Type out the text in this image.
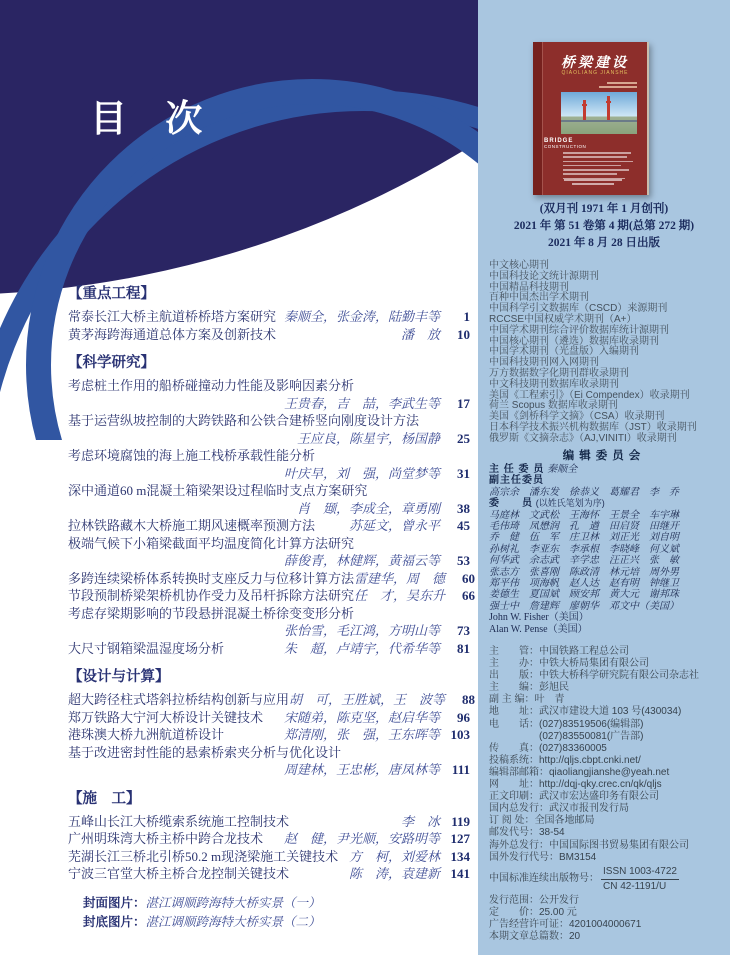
目 次
【重点工程】
常泰长江大桥主航道桥桥塔方案研究 秦顺全，张金涛，陆勤丰等	1
黄茅海跨海通道总体方案及创新技术	潘　放	10
【科学研究】
考虑桩土作用的船桥碰撞动力性能及影响因素分析
王贵春，吉　喆，李武生等	17
基于运营纵坡控制的大跨铁路和公铁合建桥竖向刚度设计方法
王应良，陈星宇，杨国静	25
考虑环境腐蚀的海上施工栈桥承载性能分析
叶庆早，刘　强，尚堂梦等	31
深中通道60 m混凝土箱梁架设过程临时支点方案研究
肖　颋，李成全，章勇刚	38
拉林铁路藏木大桥施工期风速概率预测方法	苏延文，曾永平	45
极端气候下小箱梁截面平均温度简化计算方法研究
薛俊青，林健辉，黄福云等	53
多跨连续梁桥体系转换时支座反力与位移计算方法 雷建华，周　德	60
节段预制桥梁架桥机协作受力及吊杆拆除方法研究 任　才，吴东升	66
考虑存梁期影响的节段悬拼混凝土桥徐变变形分析
张怡雪，毛江鸿，方明山等	73
大尺寸钢箱梁温湿度场分析	朱　超，卢靖宇，代希华等	81
【设计与计算】
超大跨径柱式塔斜拉桥结构创新与应用 胡　可，王胜斌，王　波等	88
郑万铁路大宁河大桥设计关键技术 宋随弟，陈克坚，赵启华等	96
港珠澳大桥九洲航道桥设计	郑清刚，张　强，王东晖等 103
基于改进密封性能的悬索桥索夹分析与优化设计
周建林，王忠彬，唐凤林等 111
【施　工】
五峰山长江大桥缆索系统施工控制技术	李　冰 119
广州明珠湾大桥主桥中跨合龙技术 赵　健，尹光顺，安路明等 127
芜湖长江三桥北引桥50.2 m现浇梁施工关键技术 方　柯，刘爱林 134
宁波三官堂大桥主桥合龙控制关键技术	陈　涛，袁建新 141
封面图片：湛江调顺跨海特大桥实景（一）
封底图片：湛江调顺跨海特大桥实景（二）
桥梁建设
QIAOLIANG JIANSHE
BRIDGE
CONSTRUCTION
(双月刊 1971 年 1 月创刊)
2021 年 第 51 卷第 4 期(总第 272 期)
2021 年 8 月 28 日出版
中文核心期刊
中国科技论文统计源期刊
中国精品科技期刊
百种中国杰出学术期刊
中国科学引文数据库（CSCD）来源期刊
RCCSE中国权威学术期刊（A+）
中国学术期刊综合评价数据库统计源期刊
中国核心期刊（遴选）数据库收录期刊
中国学术期刊（光盘版）入编期刊
中国科技期刊网入网期刊
万方数据数字化期刊群收录期刊
中文科技期刊数据库收录期刊
美国《工程索引》（Ei Compendex）收录期刊
荷兰 Scopus 数据库收录期刊
美国《剑桥科学文摘》（CSA）收录期刊
日本科学技术振兴机构数据库（JST）收录期刊
俄罗斯《文摘杂志》（AJ,VINITI）收录期刊
编辑委员会
主 任 委 员 秦顺全
副主任委员
高宗余　潘东发　徐恭义　葛耀君　李　乔
委　　员 (以姓氏笔划为序)
马庭林　文武松　王海怀　王景全　车宇琳
毛伟琦　凤懋润　孔　遒　田启贤　田继开
乔　健　伍　军　庄卫林　刘正光　刘自明
孙树礼　李亚东　李承根　李晓峰　何义斌
何华武　余志武　辛学忠　汪正兴　张　敏
张志方　张喜刚　陈政清　林元培　周外男
郑平伟　项海帆　赵人达　赵有明　钟继卫
姜德生　夏国斌　顾安邦　黄大元　谢邦珠
强士中　詹建辉　廖朝华　邓文中（美国）
John W. Fisher（美国）
Alan W. Pense（美国）
主　　管：中国铁路工程总公司
主　　办：中铁大桥局集团有限公司
出　　版：中铁大桥科学研究院有限公司杂志社
主　　编：彭旭民
副 主 编：叶　青
地　　址：武汉市建设大道 103 号(430034)
电　　话：(027)83519506(编辑部)
　　　　　(027)83550081(广告部)
传　　真：(027)83360005
投稿系统：http://qljs.cbpt.cnki.net/
编辑部邮箱：qiaoliangjianshe@yeah.net
网　　址：http://dqj-qky.crec.cn/qk/qljs
正文印刷：武汉市宏达盛印务有限公司
国内总发行：武汉市报刊发行局
订 阅 处：全国各地邮局
邮发代号：38-54
海外总发行：中国国际图书贸易集团有限公司
国外发行代号：BM3154
中国标准连续出版物号：
ISSN 1003-4722
CN 42-1191/U
发行范围：公开发行
定　　价：25.00 元
广告经营许可证：4201004000671
本期文章总篇数：20
